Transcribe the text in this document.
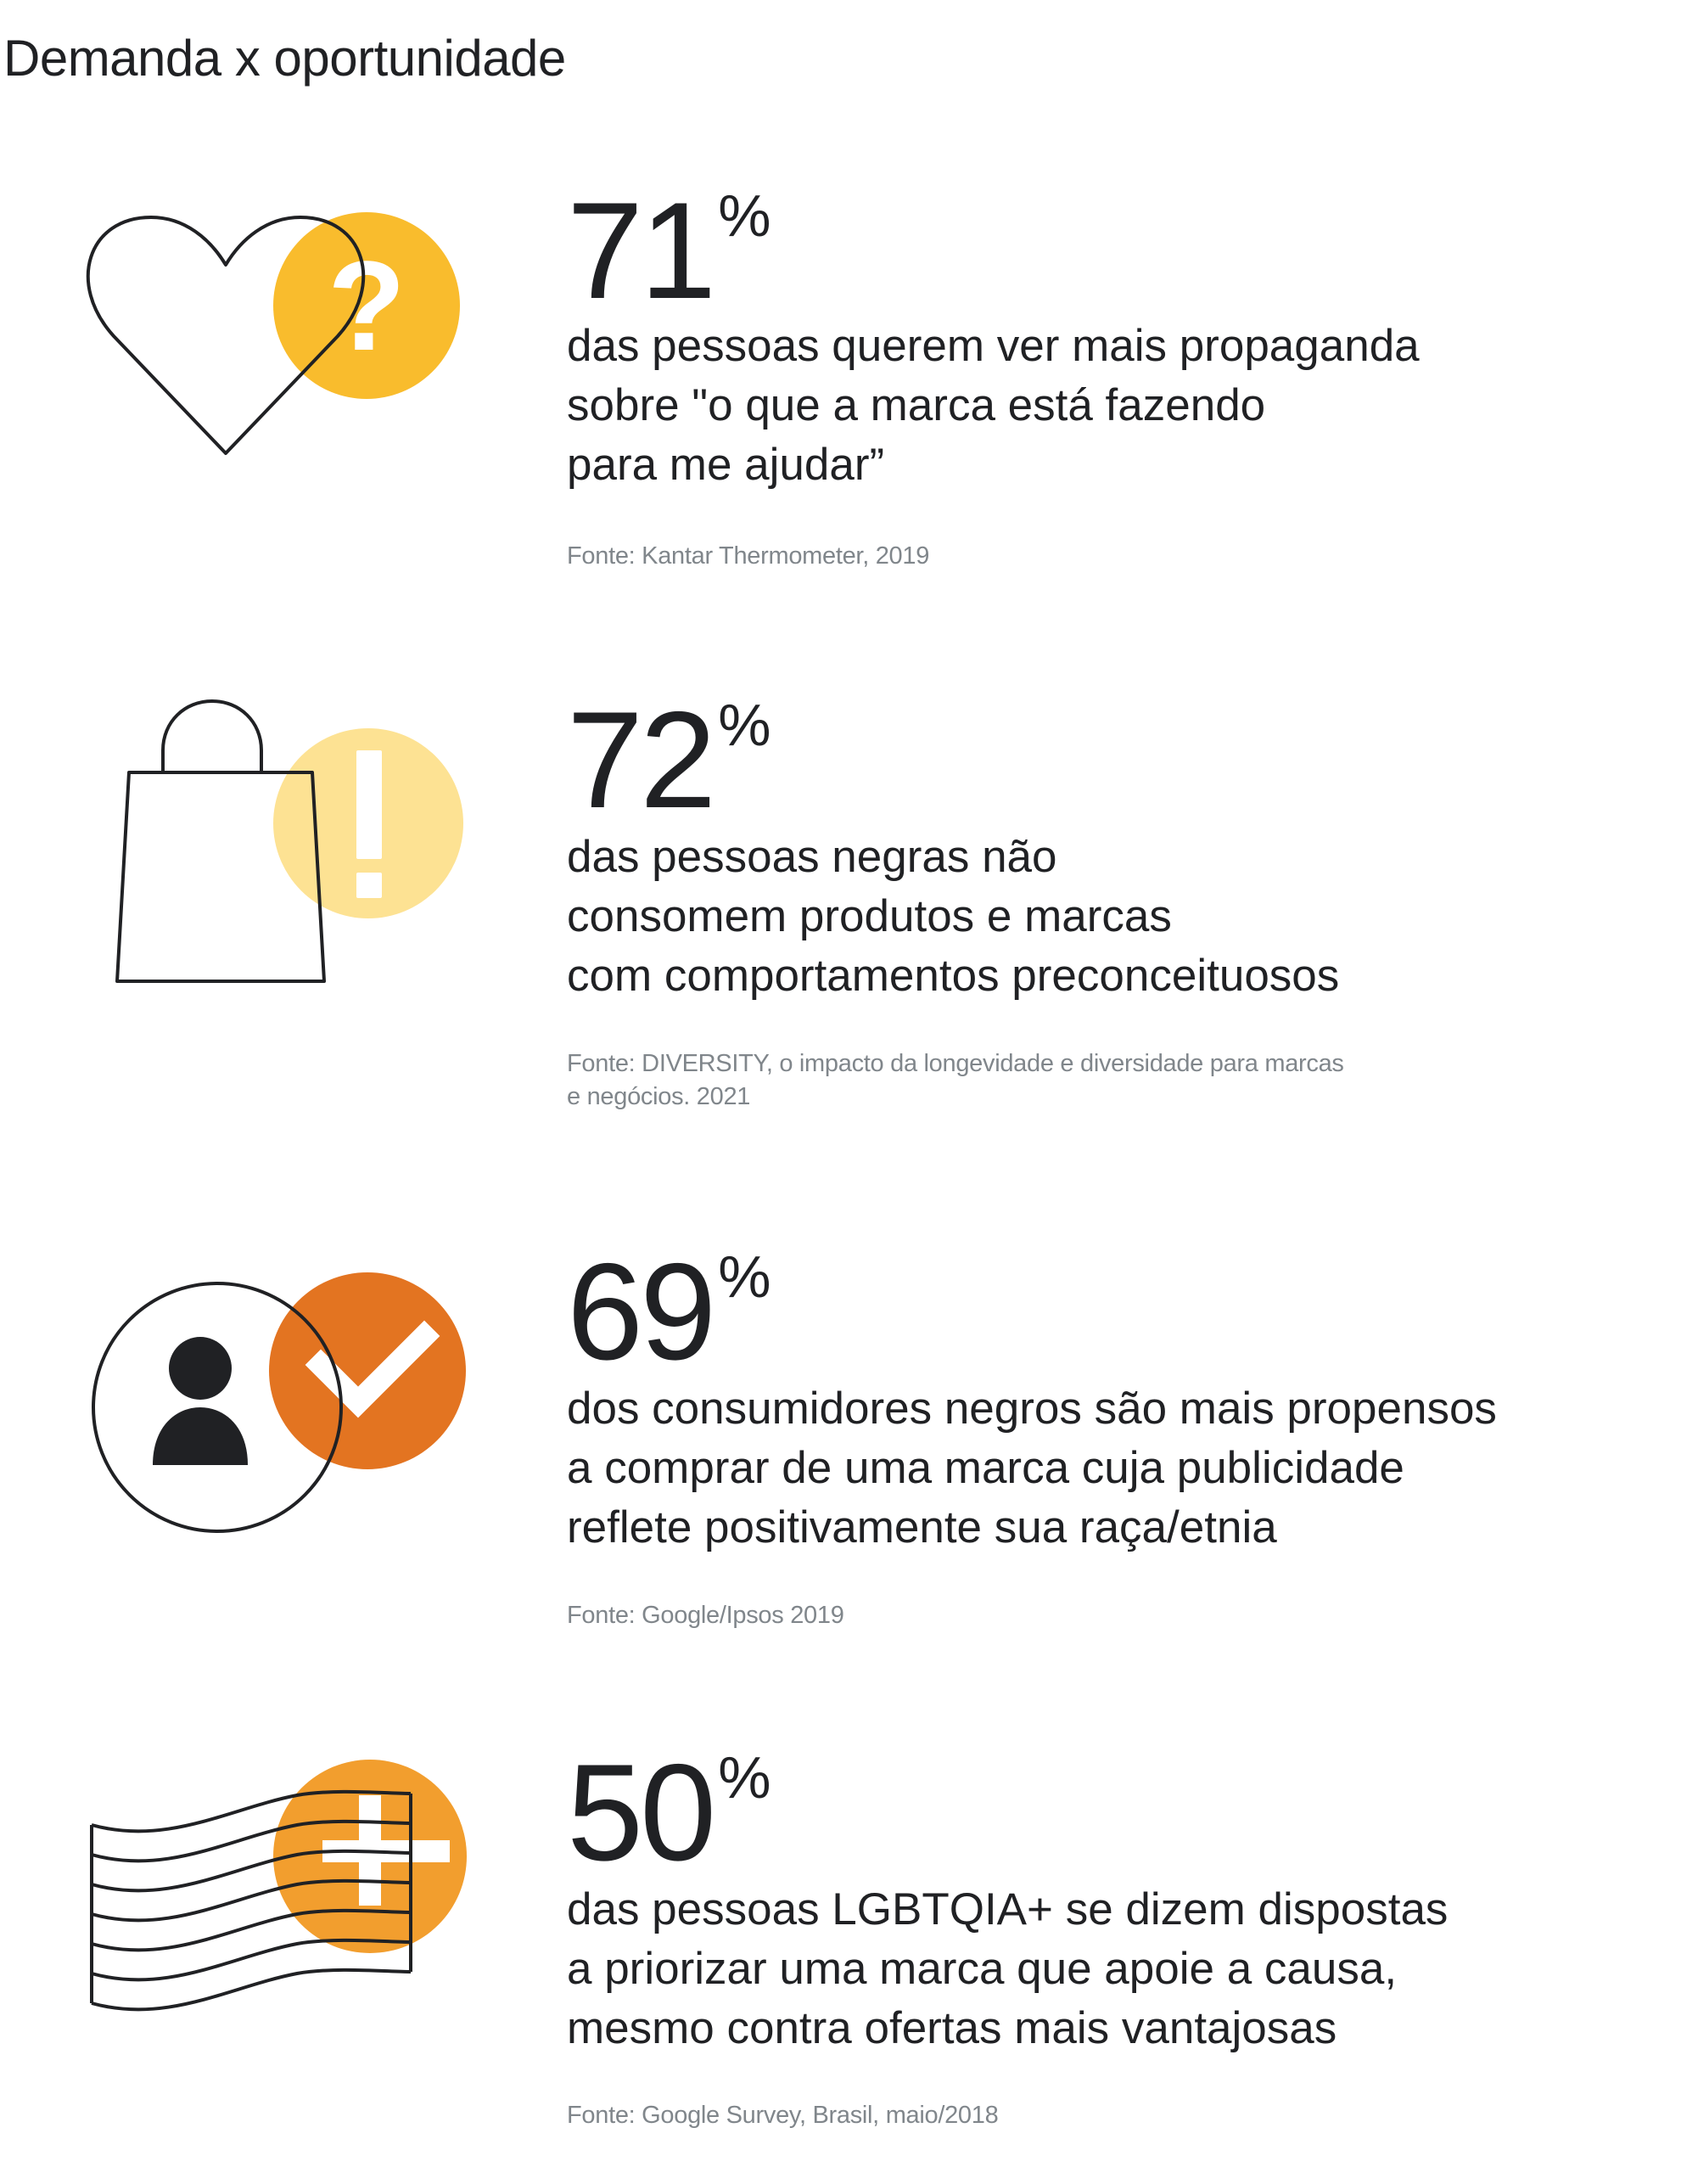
Demanda x oportunidade
? 71%
das pessoas querem ver mais propaganda
sobre "o que a marca está fazendo
para me ajudar”
Fonte: Kantar Thermometer, 2019
72%
das pessoas negras não
consomem produtos e marcas
com comportamentos preconceituosos
Fonte: DIVERSITY, o impacto da longevidade e diversidade para marcas
e negócios. 2021
69%
dos consumidores negros são mais propensos
a comprar de uma marca cuja publicidade
reflete positivamente sua raça/etnia
Fonte: Google/Ipsos 2019
50%
das pessoas LGBTQIA+ se dizem dispostas
a priorizar uma marca que apoie a causa,
mesmo contra ofertas mais vantajosas
Fonte: Google Survey, Brasil, maio/2018
